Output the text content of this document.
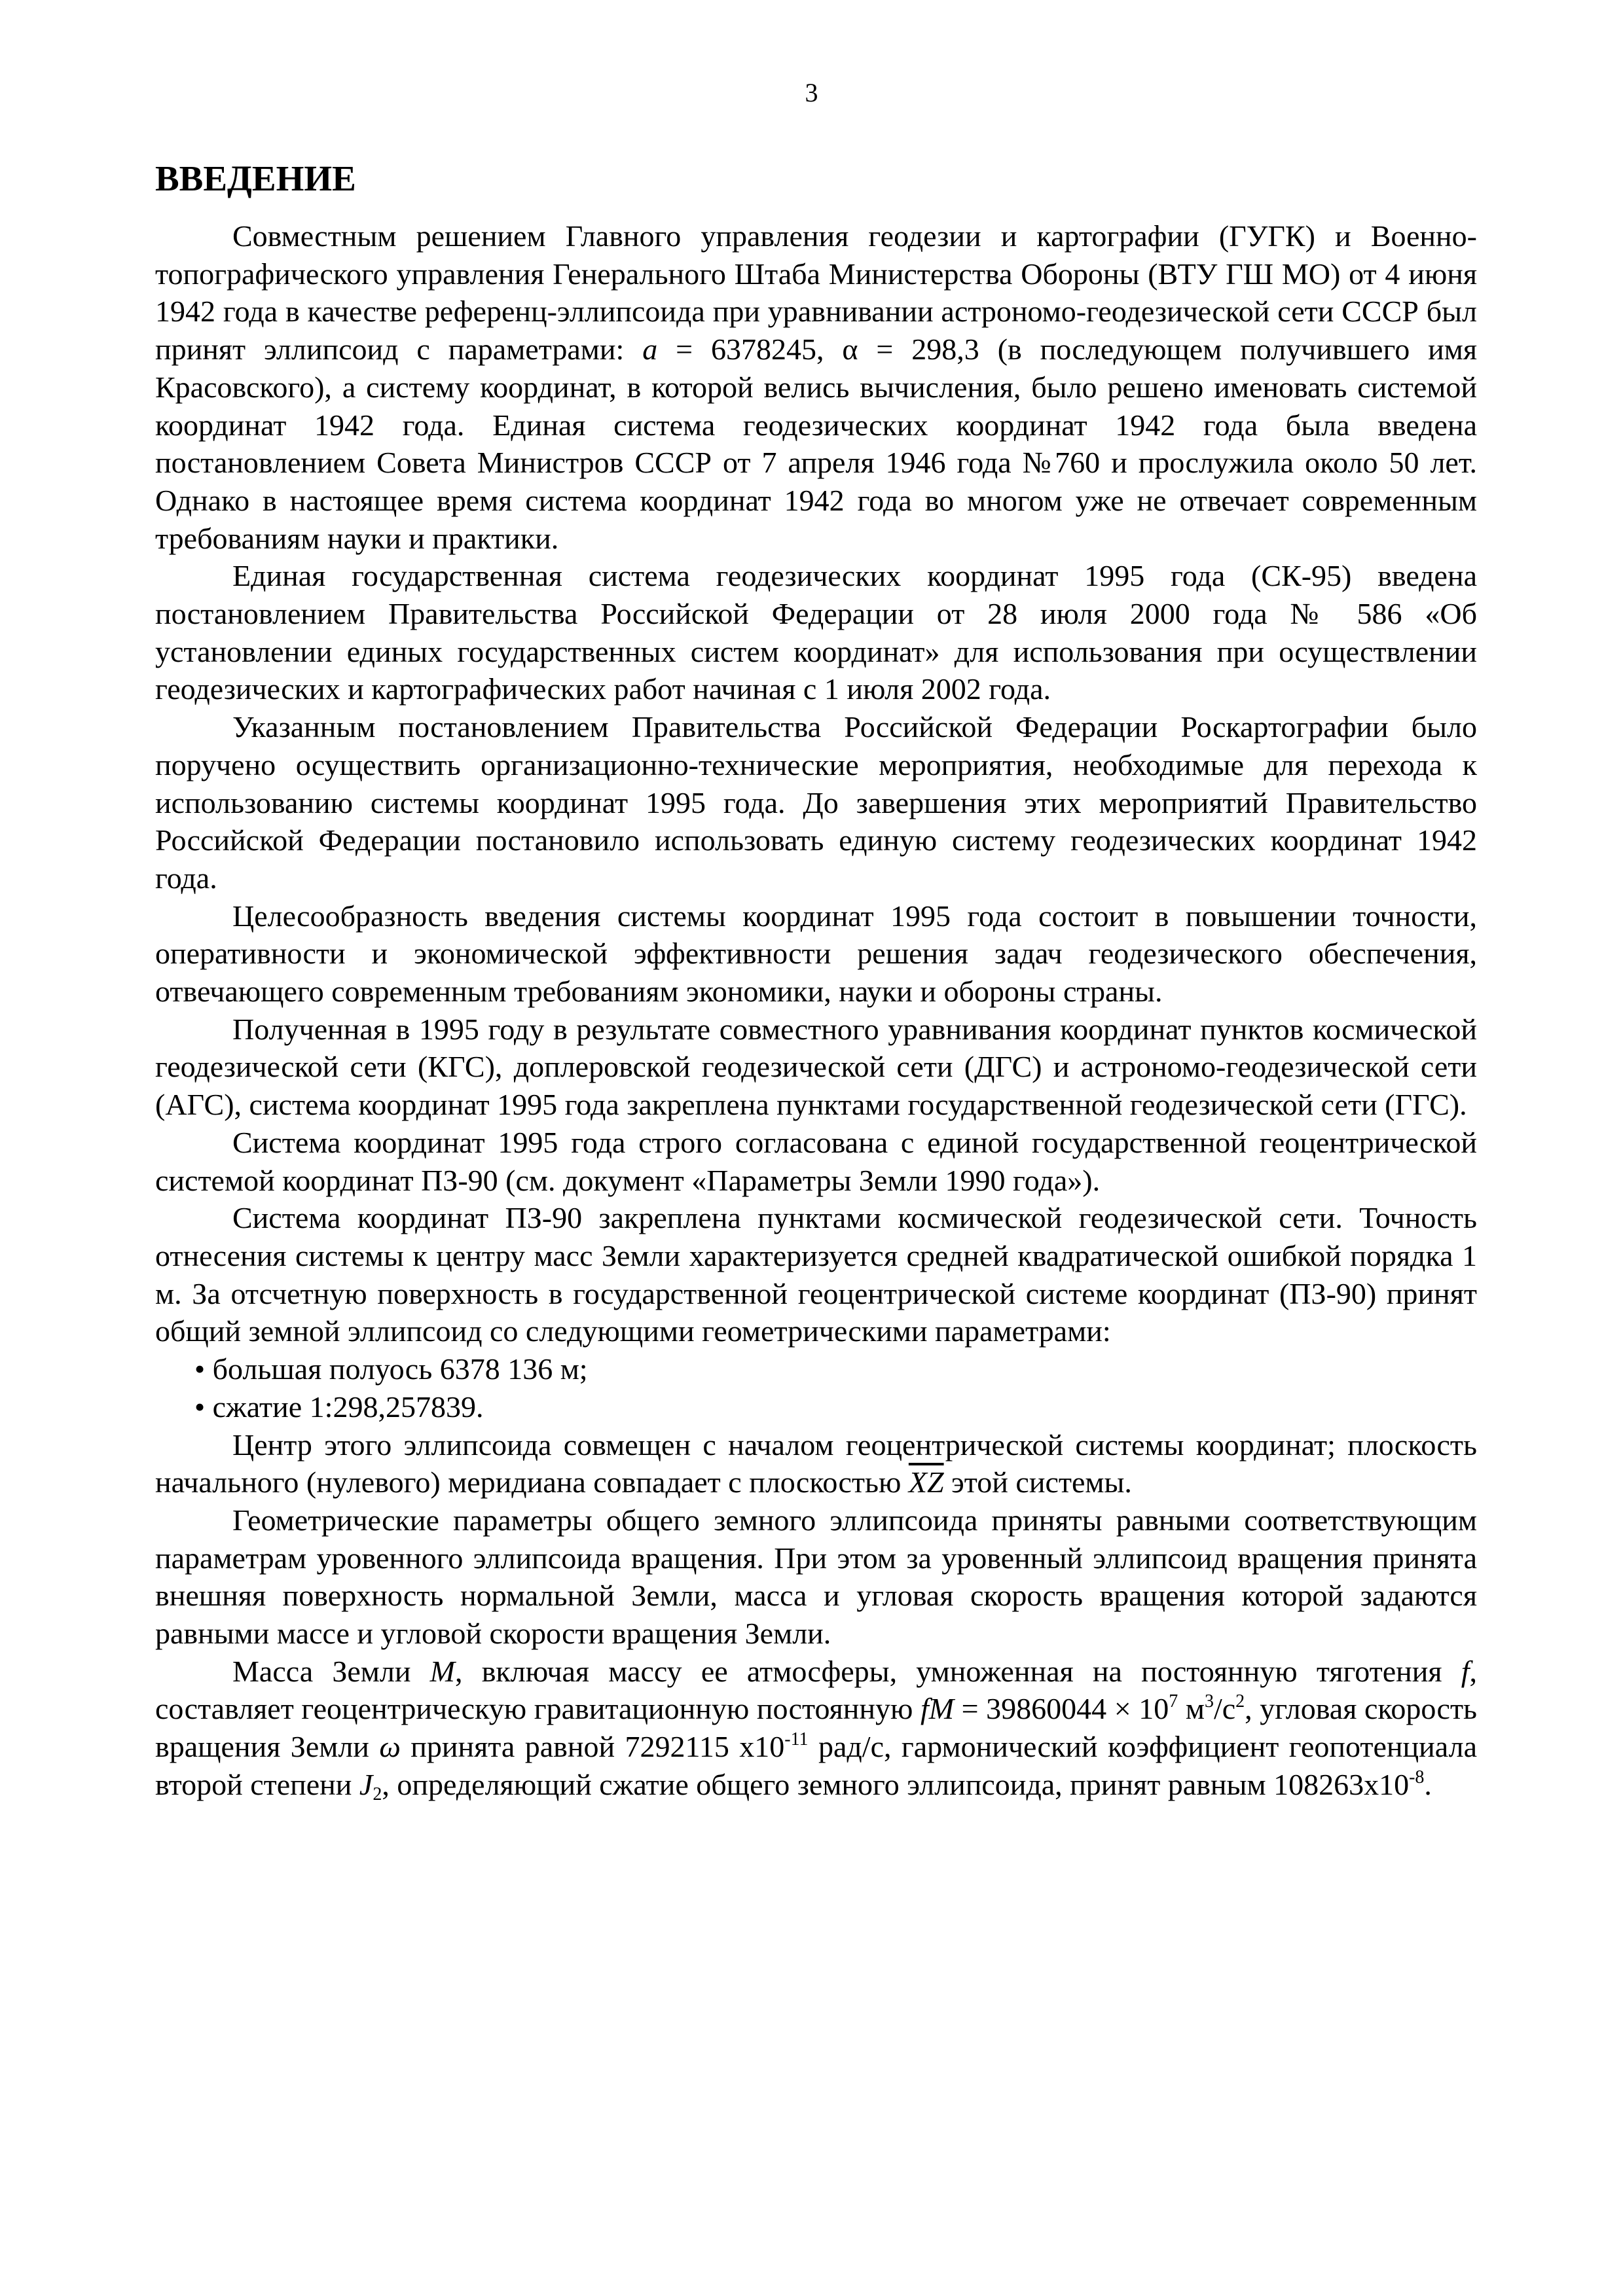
3
ВВЕДЕНИЕ

Совместным решением Главного управления геодезии и картографии (ГУГК) и Военно-топографического управления Генерального Штаба Министерства Обороны (ВТУ ГШ МО) от 4 июня 1942 года в качестве референц-эллипсоида при уравнивании астрономо-геодезической сети СССР был принят эллипсоид с параметрами: a = 6378245, α = 298,3 (в последующем получившего имя Красовского), а систему координат, в которой велись вычисления, было решено именовать системой координат 1942 года. Единая система геодезических координат 1942 года была введена постановлением Совета Министров СССР от 7 апреля 1946 года №760 и прослужила около 50 лет. Однако в настоящее время система координат 1942 года во многом уже не отвечает современным требованиям науки и практики.

Единая государственная система геодезических координат 1995 года (СК-95) введена постановлением Правительства Российской Федерации от 28 июля 2000 года № 586 «Об установлении единых государственных систем координат» для использования при осуществлении геодезических и картографических работ начиная с 1 июля 2002 года.

Указанным постановлением Правительства Российской Федерации Роскартографии было поручено осуществить организационно-технические мероприятия, необходимые для перехода к использованию системы координат 1995 года. До завершения этих мероприятий Правительство Российской Федерации постановило использовать единую систему геодезических координат 1942 года.

Целесообразность введения системы координат 1995 года состоит в повышении точности, оперативности и экономической эффективности решения задач геодезического обеспечения, отвечающего современным требованиям экономики, науки и обороны страны.

Полученная в 1995 году в результате совместного уравнивания координат пунктов космической геодезической сети (КГС), доплеровской геодезической сети (ДГС) и астрономо-геодезической сети (АГС), система координат 1995 года закреплена пунктами государственной геодезической сети (ГГС).

Система координат 1995 года строго согласована с единой государственной геоцентрической системой координат ПЗ-90 (см. документ «Параметры Земли 1990 года»).

Система координат ПЗ-90 закреплена пунктами космической геодезической сети. Точность отнесения системы к центру масс Земли характеризуется средней квадратической ошибкой порядка 1 м. За отсчетную поверхность в государственной геоцентрической системе координат (ПЗ-90) принят общий земной эллипсоид со следующими геометрическими параметрами:

• большая полуось 6378 136 м;

• сжатие 1:298,257839.

Центр этого эллипсоида совмещен с началом геоцентрической системы координат; плоскость начального (нулевого) меридиана совпадает с плоскостью $\overline{XZ}$ этой системы.

Геометрические параметры общего земного эллипсоида приняты равными соответствующим параметрам уровенного эллипсоида вращения. При этом за уровенный эллипсоид вращения принята внешняя поверхность нормальной Земли, масса и угловая скорость вращения которой задаются равными массе и угловой скорости вращения Земли.

Масса Земли M, включая массу ее атмосферы, умноженная на постоянную тяготения f, составляет геоцентрическую гравитационную постоянную fM = $39860044 \times 10^7$ $м^3/с^2$, угловая скорость вращения Земли ω принята равной 7292115 $x10^{-11}$ рад/с, гармонический коэффициент геопотенциала второй степени $J_2$, определяющий сжатие общего земного эллипсоида, принят равным $108263x10^{-8}$.
